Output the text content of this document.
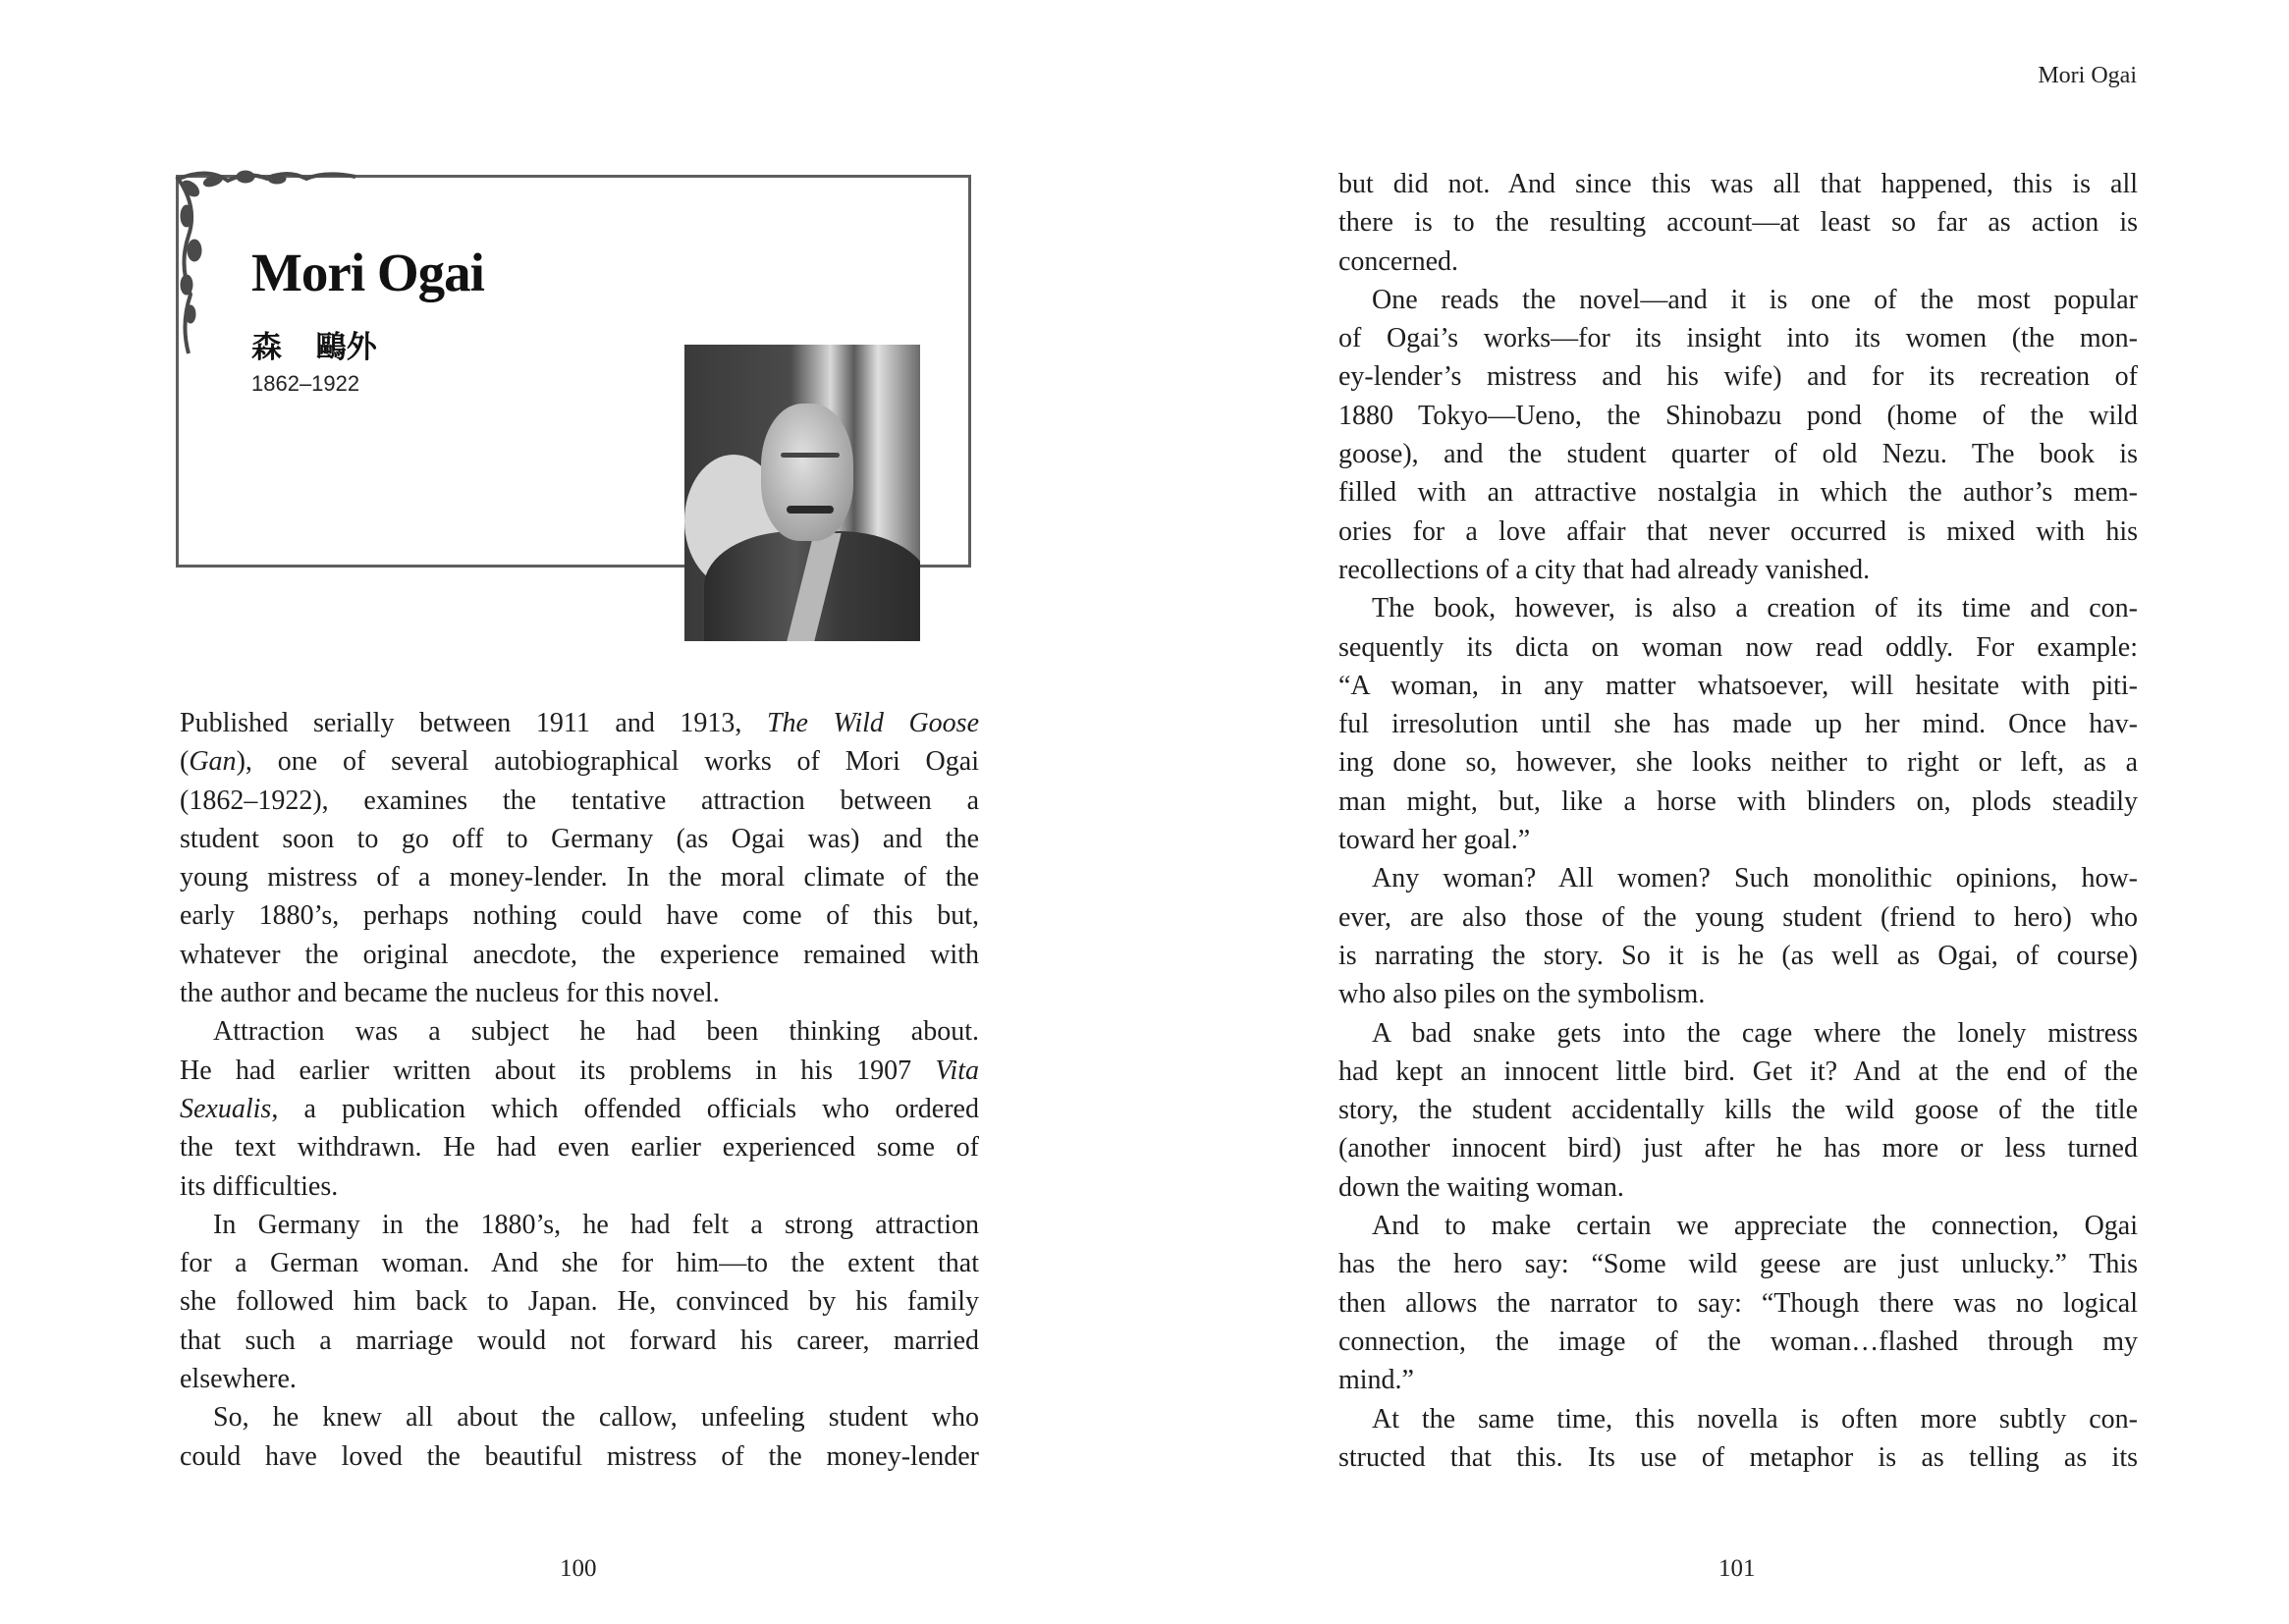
Mori Ogai
Mori Ogai
森 鷗外
1862–1922
Published serially between 1911 and 1913, The Wild Goose
(Gan), one of several autobiographical works of Mori Ogai
(1862–1922), examines the tentative attraction between a
student soon to go off to Germany (as Ogai was) and the
young mistress of a money-lender. In the moral climate of the
early 1880’s, perhaps nothing could have come of this but,
whatever the original anecdote, the experience remained with
the author and became the nucleus for this novel.
Attraction was a subject he had been thinking about.
He had earlier written about its problems in his 1907 Vita
Sexualis, a publication which offended officials who ordered
the text withdrawn. He had even earlier experienced some of
its difficulties.
In Germany in the 1880’s, he had felt a strong attraction
for a German woman. And she for him—to the extent that
she followed him back to Japan. He, convinced by his family
that such a marriage would not forward his career, married
elsewhere.
So, he knew all about the callow, unfeeling student who
could have loved the beautiful mistress of the money-lender
but did not. And since this was all that happened, this is all
there is to the resulting account—at least so far as action is
concerned.
One reads the novel—and it is one of the most popular
of Ogai’s works—for its insight into its women (the mon-
ey-lender’s mistress and his wife) and for its recreation of
1880 Tokyo—Ueno, the Shinobazu pond (home of the wild
goose), and the student quarter of old Nezu. The book is
filled with an attractive nostalgia in which the author’s mem-
ories for a love affair that never occurred is mixed with his
recollections of a city that had already vanished.
The book, however, is also a creation of its time and con-
sequently its dicta on woman now read oddly. For example:
“A woman, in any matter whatsoever, will hesitate with piti-
ful irresolution until she has made up her mind. Once hav-
ing done so, however, she looks neither to right or left, as a
man might, but, like a horse with blinders on, plods steadily
toward her goal.”
Any woman? All women? Such monolithic opinions, how-
ever, are also those of the young student (friend to hero) who
is narrating the story. So it is he (as well as Ogai, of course)
who also piles on the symbolism.
A bad snake gets into the cage where the lonely mistress
had kept an innocent little bird. Get it? And at the end of the
story, the student accidentally kills the wild goose of the title
(another innocent bird) just after he has more or less turned
down the waiting woman.
And to make certain we appreciate the connection, Ogai
has the hero say: “Some wild geese are just unlucky.” This
then allows the narrator to say: “Though there was no logical
connection, the image of the woman…flashed through my
mind.”
At the same time, this novella is often more subtly con-
structed that this. Its use of metaphor is as telling as its
100	101
